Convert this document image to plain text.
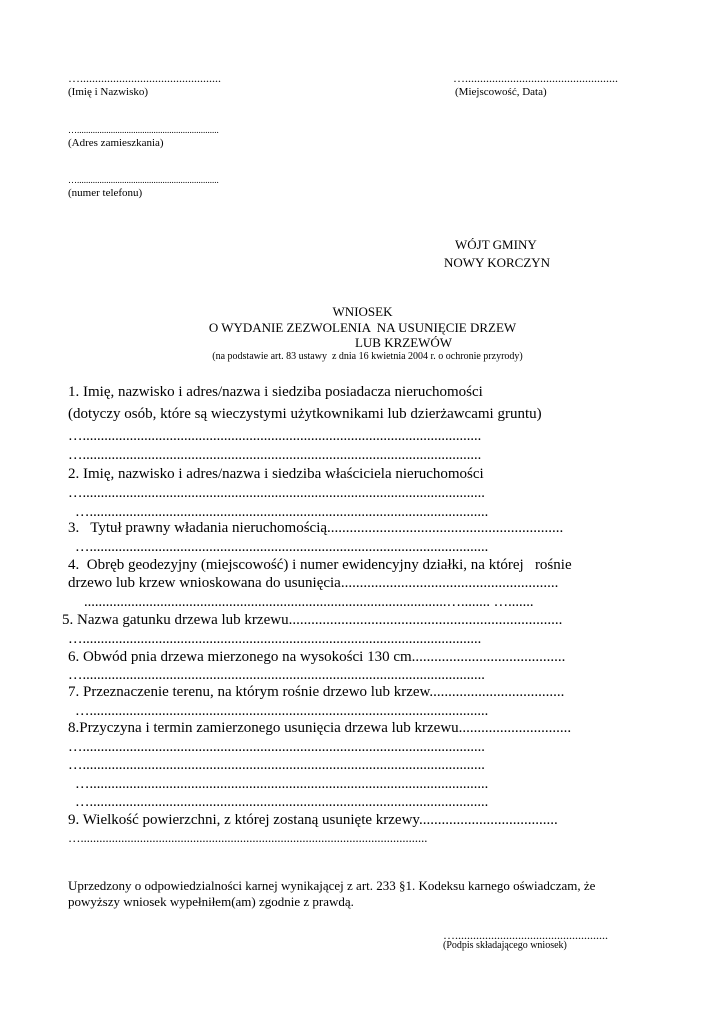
…...............................................
(Imię i Nazwisko)
…...................................................
(Miejscowość, Data)
…...............................................................
(Adres zamieszkania)
…...............................................................
(numer telefonu)
WÓJT GMINY
NOWY KORCZYN
WNIOSEK
O WYDANIE ZEZWOLENIA  NA USUNIĘCIE DRZEW
LUB KRZEWÓW
(na podstawie art. 83 ustawy  z dnia 16 kwietnia 2004 r. o ochronie przyrody)
1. Imię, nazwisko i adres/nazwa i siedziba posiadacza nieruchomości
(dotyczy osób, które są wieczystymi użytkownikami lub dzierżawcami gruntu)
…..............................................................................................................
…..............................................................................................................
2. Imię, nazwisko i adres/nazwa i siedziba właściciela nieruchomości
…...............................................................................................................
…..............................................................................................................
3.   Tytuł prawny władania nieruchomością...............................................................
…..............................................................................................................
4.  Obręb geodezyjny (miejscowość) i numer ewidencyjny działki, na której   rośnie
drzewo lub krzew wnioskowana do usunięcia..........................................................
....................................................................................................…........ ….......
5. Nazwa gatunku drzewa lub krzewu.........................................................................
…..............................................................................................................
6. Obwód pnia drzewa mierzonego na wysokości 130 cm.........................................
…...............................................................................................................
7. Przeznaczenie terenu, na którym rośnie drzewo lub krzew....................................
…..............................................................................................................
8.Przyczyna i termin zamierzonego usunięcia drzewa lub krzewu..............................
…...............................................................................................................
…...............................................................................................................
…..............................................................................................................
…..............................................................................................................
9. Wielkość powierzchni, z której zostaną usunięte krzewy.....................................
…...............................................................................................................
Uprzedzony o odpowiedzialności karnej wynikającej z art. 233 §1. Kodeksu karnego oświadczam, że
powyższy wniosek wypełniłem(am) zgodnie z prawdą.
…...................................................
(Podpis składającego wniosek)
